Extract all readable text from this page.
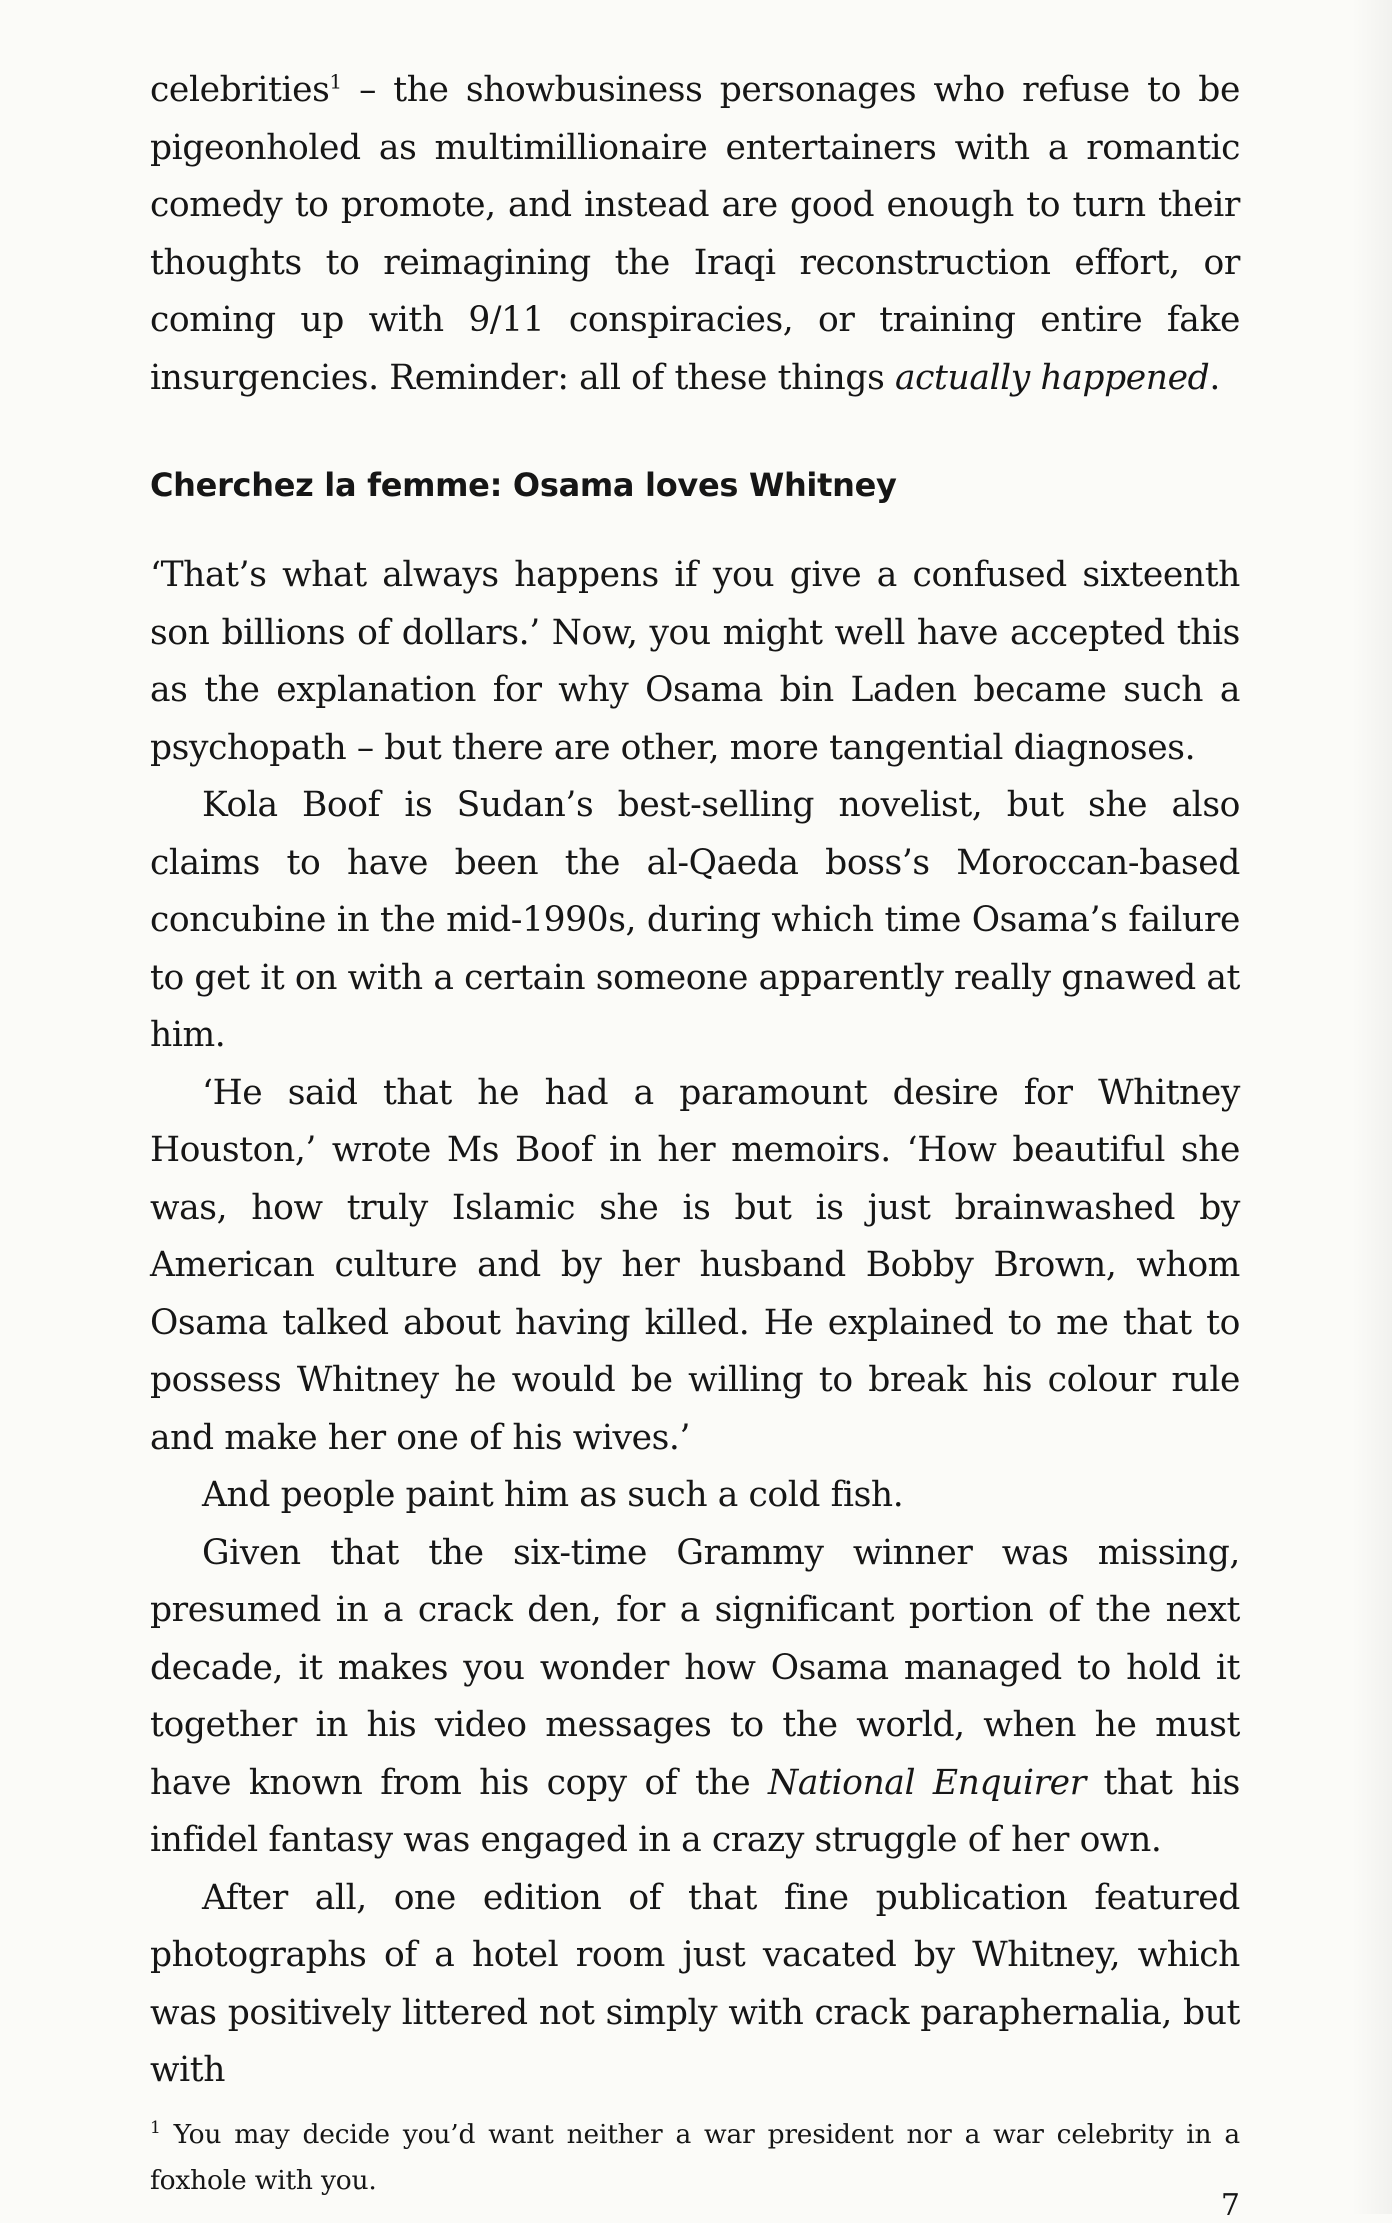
celebrities$^1$ – the showbusiness personages who refuse to be pigeonholed as multimillionaire entertainers with a romantic comedy to promote, and instead are good enough to turn their thoughts to reimagining the Iraqi reconstruction effort, or coming up with 9/11 conspiracies, or training entire fake insurgencies. Reminder: all of these things actually happened.

Cherchez la femme: Osama loves Whitney

‘That’s what always happens if you give a confused sixteenth son billions of dollars.’ Now, you might well have accepted this as the explanation for why Osama bin Laden became such a psychopath – but there are other, more tangential diagnoses.

Kola Boof is Sudan’s best-selling novelist, but she also claims to have been the al-Qaeda boss’s Moroccan-based concubine in the mid-1990s, during which time Osama’s failure to get it on with a certain someone apparently really gnawed at him.

‘He said that he had a paramount desire for Whitney Houston,’ wrote Ms Boof in her memoirs. ‘How beautiful she was, how truly Islamic she is but is just brainwashed by American culture and by her husband Bobby Brown, whom Osama talked about having killed. He explained to me that to possess Whitney he would be willing to break his colour rule and make her one of his wives.’

And people paint him as such a cold fish.

Given that the six-time Grammy winner was missing, presumed in a crack den, for a significant portion of the next decade, it makes you wonder how Osama managed to hold it together in his video messages to the world, when he must have known from his copy of the National Enquirer that his infidel fantasy was engaged in a crazy struggle of her own.

After all, one edition of that fine publication featured photographs of a hotel room just vacated by Whitney, which was positively littered not simply with crack paraphernalia, but with

$^1$ You may decide you’d want neither a war president nor a war celebrity in a foxhole with you.

7
